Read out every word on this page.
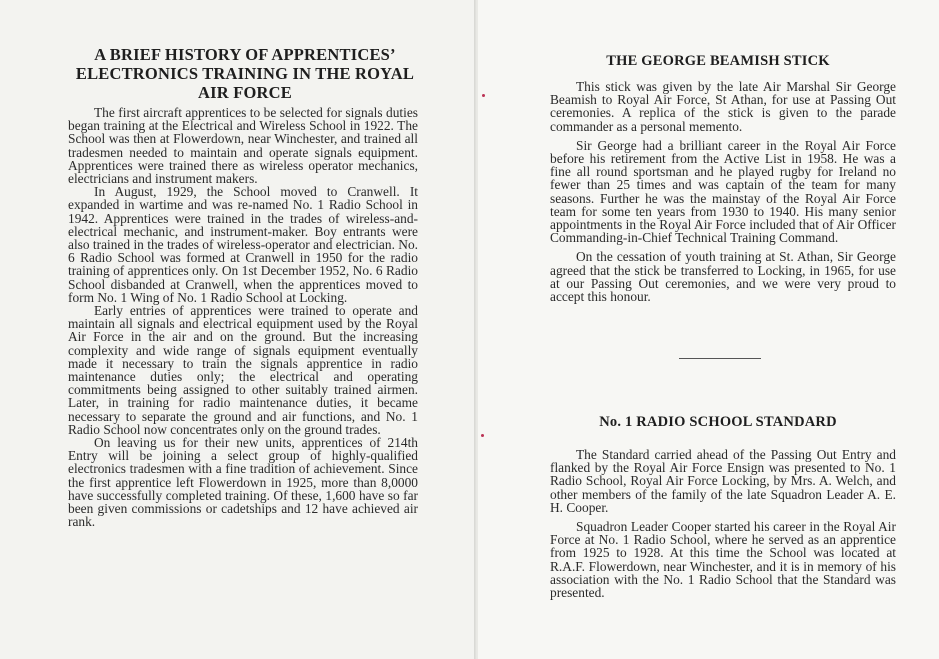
A BRIEF HISTORY OF APPRENTICES’ ELECTRONICS TRAINING IN THE ROYAL AIR FORCE

The first aircraft apprentices to be selected for signals duties began training at the Electrical and Wireless School in 1922. The School was then at Flowerdown, near Winchester, and trained all tradesmen needed to maintain and operate signals equipment. Apprentices were trained there as wireless operator mechanics, electricians and instrument makers.

In August, 1929, the School moved to Cranwell. It expanded in wartime and was re-named No. 1 Radio School in 1942. Apprentices were trained in the trades of wireless-and-electrical mechanic, and instrument-maker. Boy entrants were also trained in the trades of wireless-operator and electrician. No. 6 Radio School was formed at Cranwell in 1950 for the radio training of apprentices only. On 1st December 1952, No. 6 Radio School disbanded at Cranwell, when the apprentices moved to form No. 1 Wing of No. 1 Radio School at Locking.

Early entries of apprentices were trained to operate and maintain all signals and electrical equipment used by the Royal Air Force in the air and on the ground. But the increasing complexity and wide range of signals equipment eventually made it necessary to train the signals apprentice in radio maintenance duties only; the electrical and operating commitments being assigned to other suitably trained airmen. Later, in training for radio maintenance duties, it became necessary to separate the ground and air functions, and No. 1 Radio School now concentrates only on the ground trades.

On leaving us for their new units, apprentices of 214th Entry will be joining a select group of highly-qualified electronics tradesmen with a fine tradition of achievement. Since the first apprentice left Flowerdown in 1925, more than 8,0000 have successfully completed training. Of these, 1,600 have so far been given commissions or cadetships and 12 have achieved air rank.

THE GEORGE BEAMISH STICK

This stick was given by the late Air Marshal Sir George Beamish to Royal Air Force, St Athan, for use at Passing Out ceremonies. A replica of the stick is given to the parade commander as a personal memento.

Sir George had a brilliant career in the Royal Air Force before his retirement from the Active List in 1958. He was a fine all round sportsman and he played rugby for Ireland no fewer than 25 times and was captain of the team for many seasons. Further he was the mainstay of the Royal Air Force team for some ten years from 1930 to 1940. His many senior appointments in the Royal Air Force included that of Air Officer Commanding-in-Chief Technical Training Command.

On the cessation of youth training at St. Athan, Sir George agreed that the stick be transferred to Locking, in 1965, for use at our Passing Out ceremonies, and we were very proud to accept this honour.

No. 1 RADIO SCHOOL STANDARD

The Standard carried ahead of the Passing Out Entry and flanked by the Royal Air Force Ensign was presented to No. 1 Radio School, Royal Air Force Locking, by Mrs. A. Welch, and other members of the family of the late Squadron Leader A. E. H. Cooper.

Squadron Leader Cooper started his career in the Royal Air Force at No. 1 Radio School, where he served as an apprentice from 1925 to 1928. At this time the School was located at R.A.F. Flowerdown, near Winchester, and it is in memory of his association with the No. 1 Radio School that the Standard was presented.
